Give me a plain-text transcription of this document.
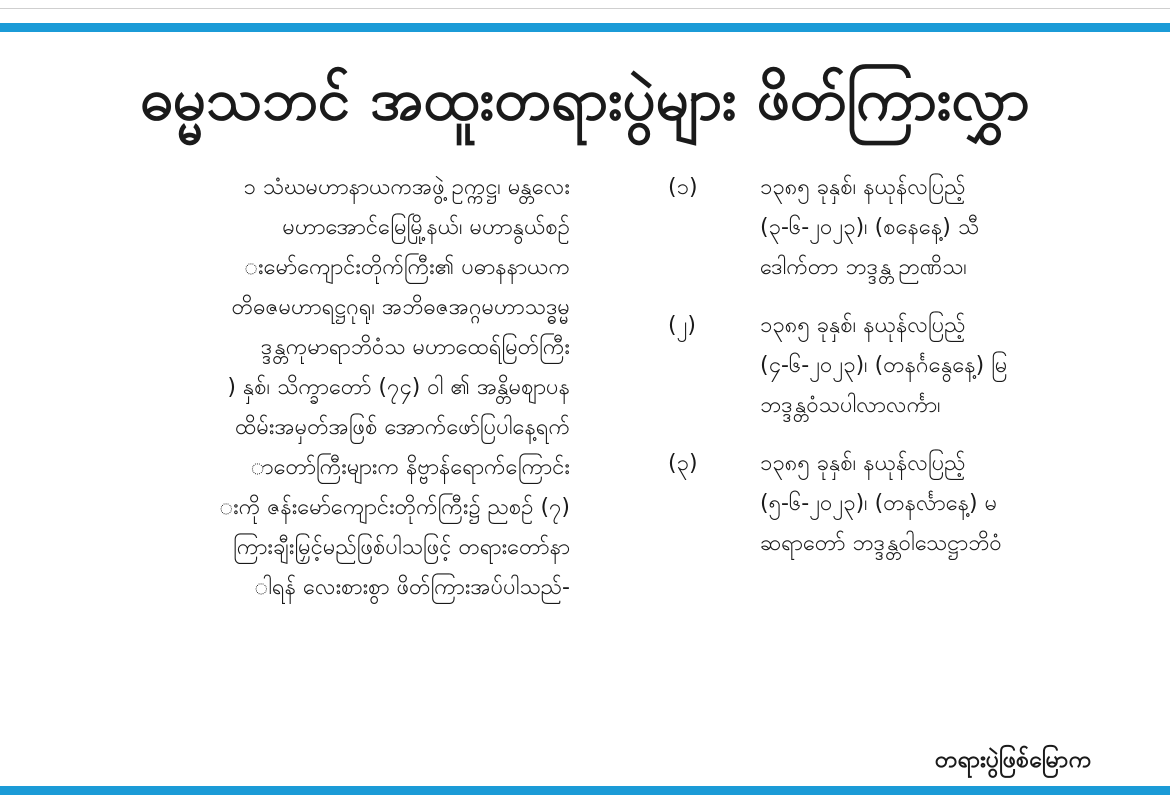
ဓမ္မသဘင် အထူးတရားပွဲများ ဖိတ်ကြားလွှာ
၁ သံဃမဟာနာယကအဖွဲ့ ဥက္ကဋ္ဌ၊ မန္တလေး
မဟာအောင်မြေမြို့နယ်၊ မဟာနွယ်စဉ်
းမော်ကျောင်းတိုက်ကြီး၏ ပဓာနနာယက
တိဓဇမဟာရဋ္ဌဂုရု၊ အဘိဓဇအဂ္ဂမဟာသဒ္ဓမ္မ
ဒ္ဒန္တကုမာရာဘိဝံသ မဟာထေရ်မြတ်ကြီး
) နှစ်၊ သိက္ခာတော် (၇၄) ဝါ ၏ အန္တိမစျာပန
ထိမ်းအမှတ်အဖြစ် အောက်ဖော်ပြပါနေ့ရက်
ာတော်ကြီးများက နိဗ္ဗာန်ရောက်ကြောင်း
းကို ဇန်းမော်ကျောင်းတိုက်ကြီး၌ ညစဉ် (၇)
ကြားချီးမြှင့်မည်ဖြစ်ပါသဖြင့် တရားတော်နာ
ါရန် လေးစားစွာ ဖိတ်ကြားအပ်ပါသည်-
(၁)	၁၃၈၅ ခုနှစ်၊ နယုန်လပြည့်
(၃-၆-၂၀၂၃)၊ (စနေနေ့) သီ
ဒေါက်တာ ဘဒ္ဒန္တ ဉာဏိသ၊
(၂)	၁၃၈၅ ခုနှစ်၊ နယုန်လပြည့်
(၄-၆-၂၀၂၃)၊ (တနင်္ဂနွေနေ့) မြ
ဘဒ္ဒန္တဝံသပါလာလင်္ကာ၊
(၃)	၁၃၈၅ ခုနှစ်၊ နယုန်လပြည့်
(၅-၆-၂၀၂၃)၊ (တနင်္လာနေ့) မ
ဆရာတော် ဘဒ္ဒန္တဝါသေဋ္ဌာဘိဝံ
တရားပွဲဖြစ်မြောက
